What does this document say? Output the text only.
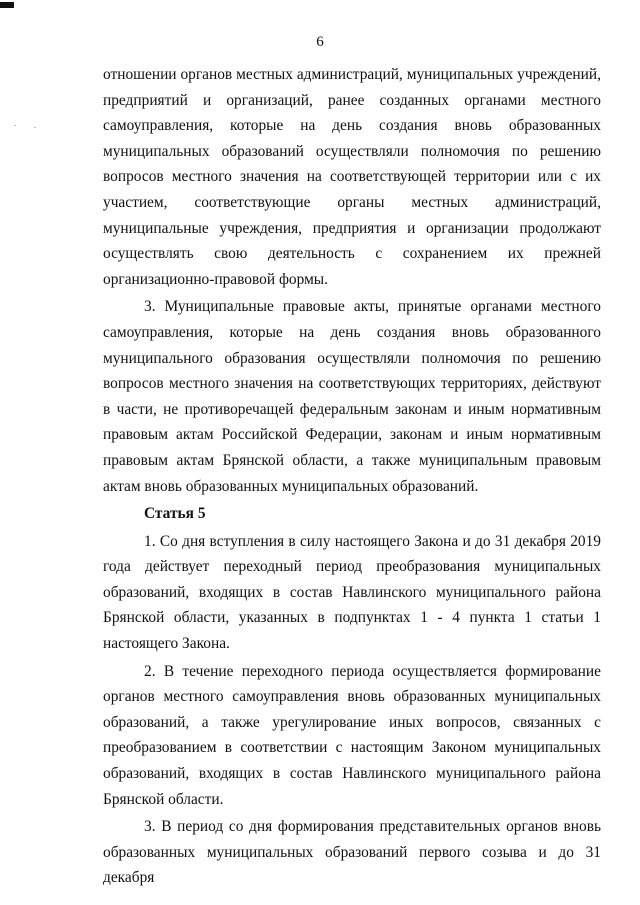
6

отношении органов местных администраций, муниципальных учреждений, предприятий и организаций, ранее созданных органами местного самоуправления, которые на день создания вновь образованных муниципальных образований осуществляли полномочия по решению вопросов местного значения на соответствующей территории или с их участием, соответствующие органы местных администраций, муниципальные учреждения, предприятия и организации продолжают осуществлять свою деятельность с сохранением их прежней организационно-правовой формы.

3. Муниципальные правовые акты, принятые органами местного самоуправления, которые на день создания вновь образованного муниципального образования осуществляли полномочия по решению вопросов местного значения на соответствующих территориях, действуют в части, не противоречащей федеральным законам и иным нормативным правовым актам Российской Федерации, законам и иным нормативным правовым актам Брянской области, а также муниципальным правовым актам вновь образованных муниципальных образований.

Статья 5

1. Со дня вступления в силу настоящего Закона и до 31 декабря 2019 года действует переходный период преобразования муниципальных образований, входящих в состав Навлинского муниципального района Брянской области, указанных в подпунктах 1 - 4 пункта 1 статьи 1 настоящего Закона.

2. В течение переходного периода осуществляется формирование органов местного самоуправления вновь образованных муниципальных образований, а также урегулирование иных вопросов, связанных с преобразованием в соответствии с настоящим Законом муниципальных образований, входящих в состав Навлинского муниципального района Брянской области.

3. В период со дня формирования представительных органов вновь образованных муниципальных образований первого созыва и до 31 декабря
